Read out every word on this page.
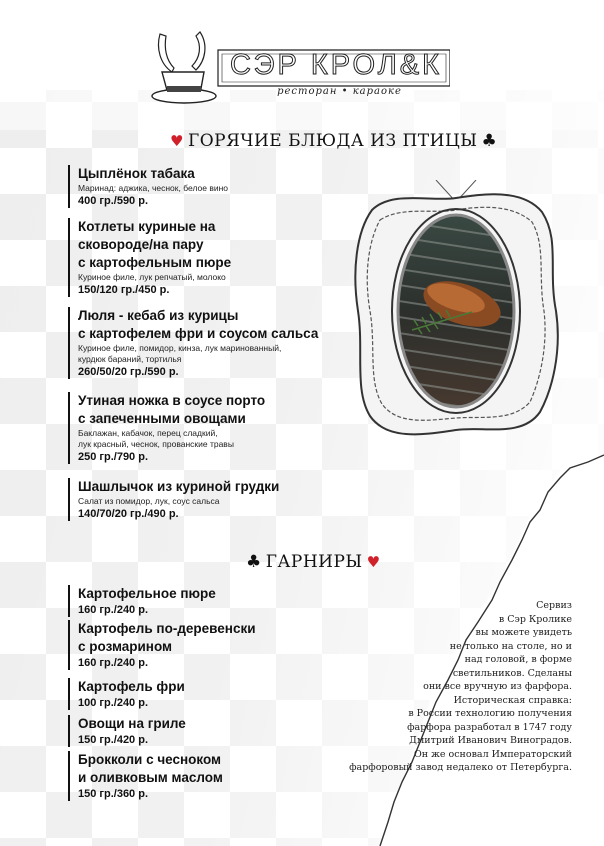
СЭР КРОЛ&К
ресторан • караоке
♥ ГОРЯЧИЕ БЛЮДА ИЗ ПТИЦЫ ♣
Цыплёнок табака
Маринад: аджика, чеснок, белое вино
400 гр./590 р.
Котлеты куриные на
сковороде/на пару
с картофельным пюре
Куриное филе, лук репчатый, молоко
150/120 гр./450 р.
Люля - кебаб из курицы
с картофелем фри и соусом сальса
Куриное филе, помидор, кинза, лук маринованный,
курдюк бараний, тортилья
260/50/20 гр./590 р.
Утиная ножка в соусе порто
с запеченными овощами
Баклажан, кабачок, перец сладкий,
лук красный, чеснок, прованские травы
250 гр./790 р.
Шашлычок из куриной грудки
Салат из помидор, лук, соус сальса
140/70/20 гр./490 р.
♣ ГАРНИРЫ ♥
Картофельное пюре
160 гр./240 р.
Картофель по-деревенски
с розмарином
160 гр./240 р.
Картофель фри
100 гр./240 р.
Овощи на гриле
150 гр./420 р.
Брокколи с чесноком
и оливковым маслом
150 гр./360 р.
Сервиз
в Сэр Кролике
вы можете увидеть
не только на столе, но и
над головой, в форме
светильников. Сделаны
они все вручную из фарфора.
Историческая справка:
в России технологию получения
фарфора разработал в 1747 году
Дмитрий Иванович Виноградов.
Он же основал Императорский
фарфоровый завод недалеко от Петербурга.
